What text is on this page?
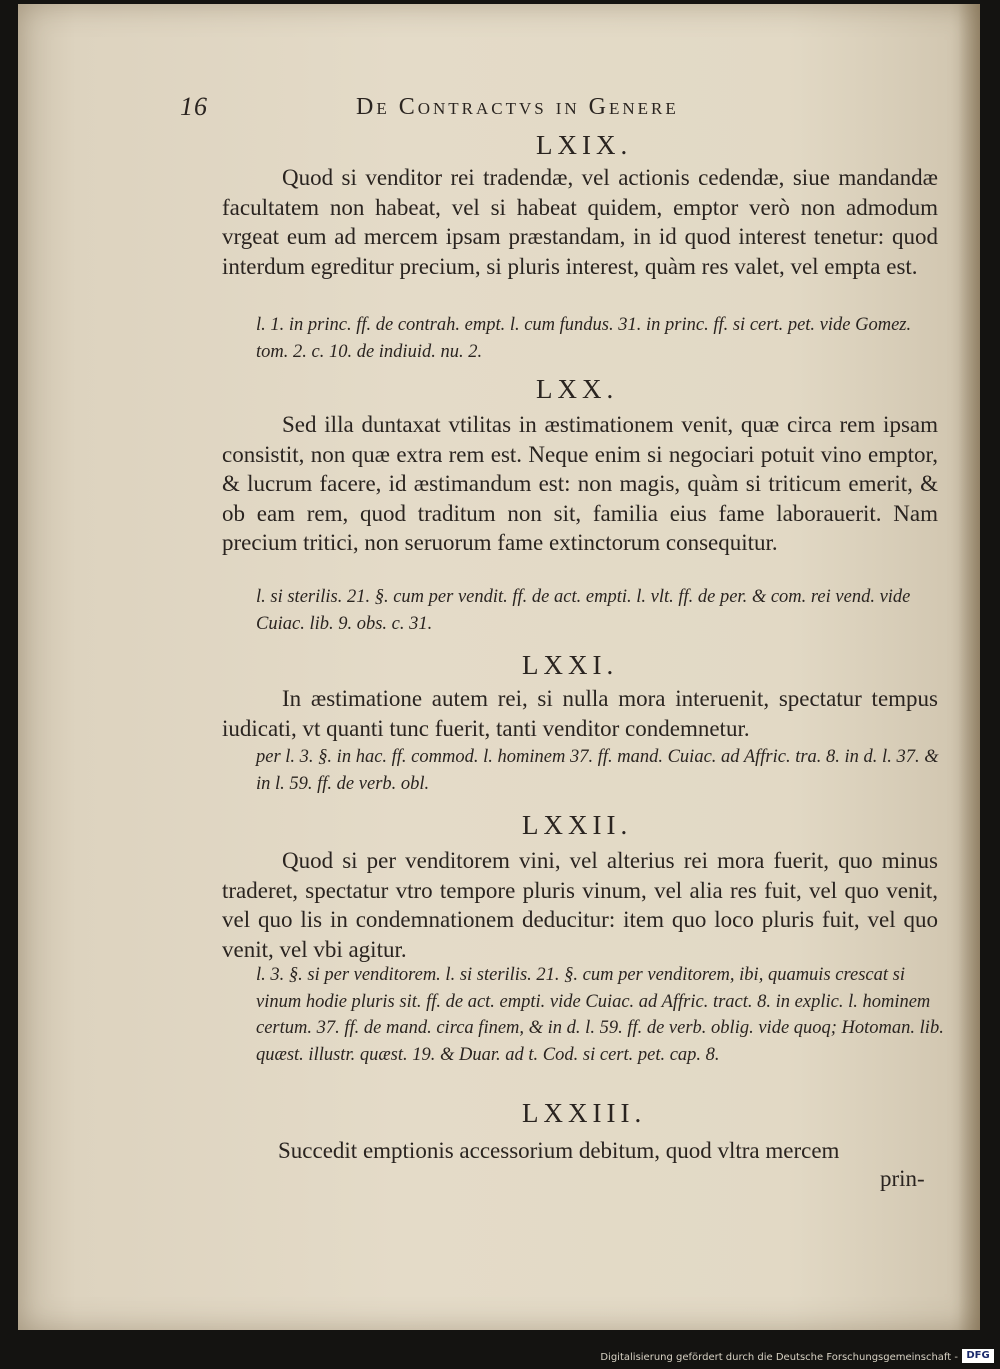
16	De Contractvs in Genere
LXIX.
Quod si venditor rei tradendæ, vel actionis cedendæ, siue mandandæ facultatem non habeat, vel si habeat quidem, emptor verò non admodum vrgeat eum ad mercem ipsam præstandam, in id quod interest tenetur: quod interdum egreditur precium, si pluris interest, quàm res valet, vel empta est.
l. 1. in princ. ff. de contrah. empt. l. cum fundus. 31. in princ. ff. si cert. pet. vide Gomez. tom. 2. c. 10. de indiuid. nu. 2.
LXX.
Sed illa duntaxat vtilitas in æstimationem venit, quæ circa rem ipsam consistit, non quæ extra rem est. Neque enim si negociari potuit vino emptor, & lucrum facere, id æstimandum est: non magis, quàm si triticum emerit, & ob eam rem, quod traditum non sit, familia eius fame laborauerit. Nam precium tritici, non seruorum fame extinctorum consequitur.
l. si sterilis. 21. §. cum per vendit. ff. de act. empti. l. vlt. ff. de per. & com. rei vend. vide Cuiac. lib. 9. obs. c. 31.
LXXI.
In æstimatione autem rei, si nulla mora interuenit, spectatur tempus iudicati, vt quanti tunc fuerit, tanti venditor condemnetur.
per l. 3. §. in hac. ff. commod. l. hominem 37. ff. mand. Cuiac. ad Affric. tra. 8. in d. l. 37. & in l. 59. ff. de verb. obl.
LXXII.
Quod si per venditorem vini, vel alterius rei mora fuerit, quo minus traderet, spectatur vtro tempore pluris vinum, vel alia res fuit, vel quo venit, vel quo lis in condemnationem deducitur: item quo loco pluris fuit, vel quo venit, vel vbi agitur.
l. 3. §. si per venditorem. l. si sterilis. 21. §. cum per venditorem, ibi, quamuis crescat si vinum hodie pluris sit. ff. de act. empti. vide Cuiac. ad Affric. tract. 8. in explic. l. hominem certum. 37. ff. de mand. circa finem, & in d. l. 59. ff. de verb. oblig. vide quoq; Hotoman. lib. quæst. illustr. quæst. 19. & Duar. ad t. Cod. si cert. pet. cap. 8.
LXXIII.
Succedit emptionis accessorium debitum, quod vltra mercem
prin-
Digitalisierung gefördert durch die Deutsche Forschungsgemeinschaft - DFG
